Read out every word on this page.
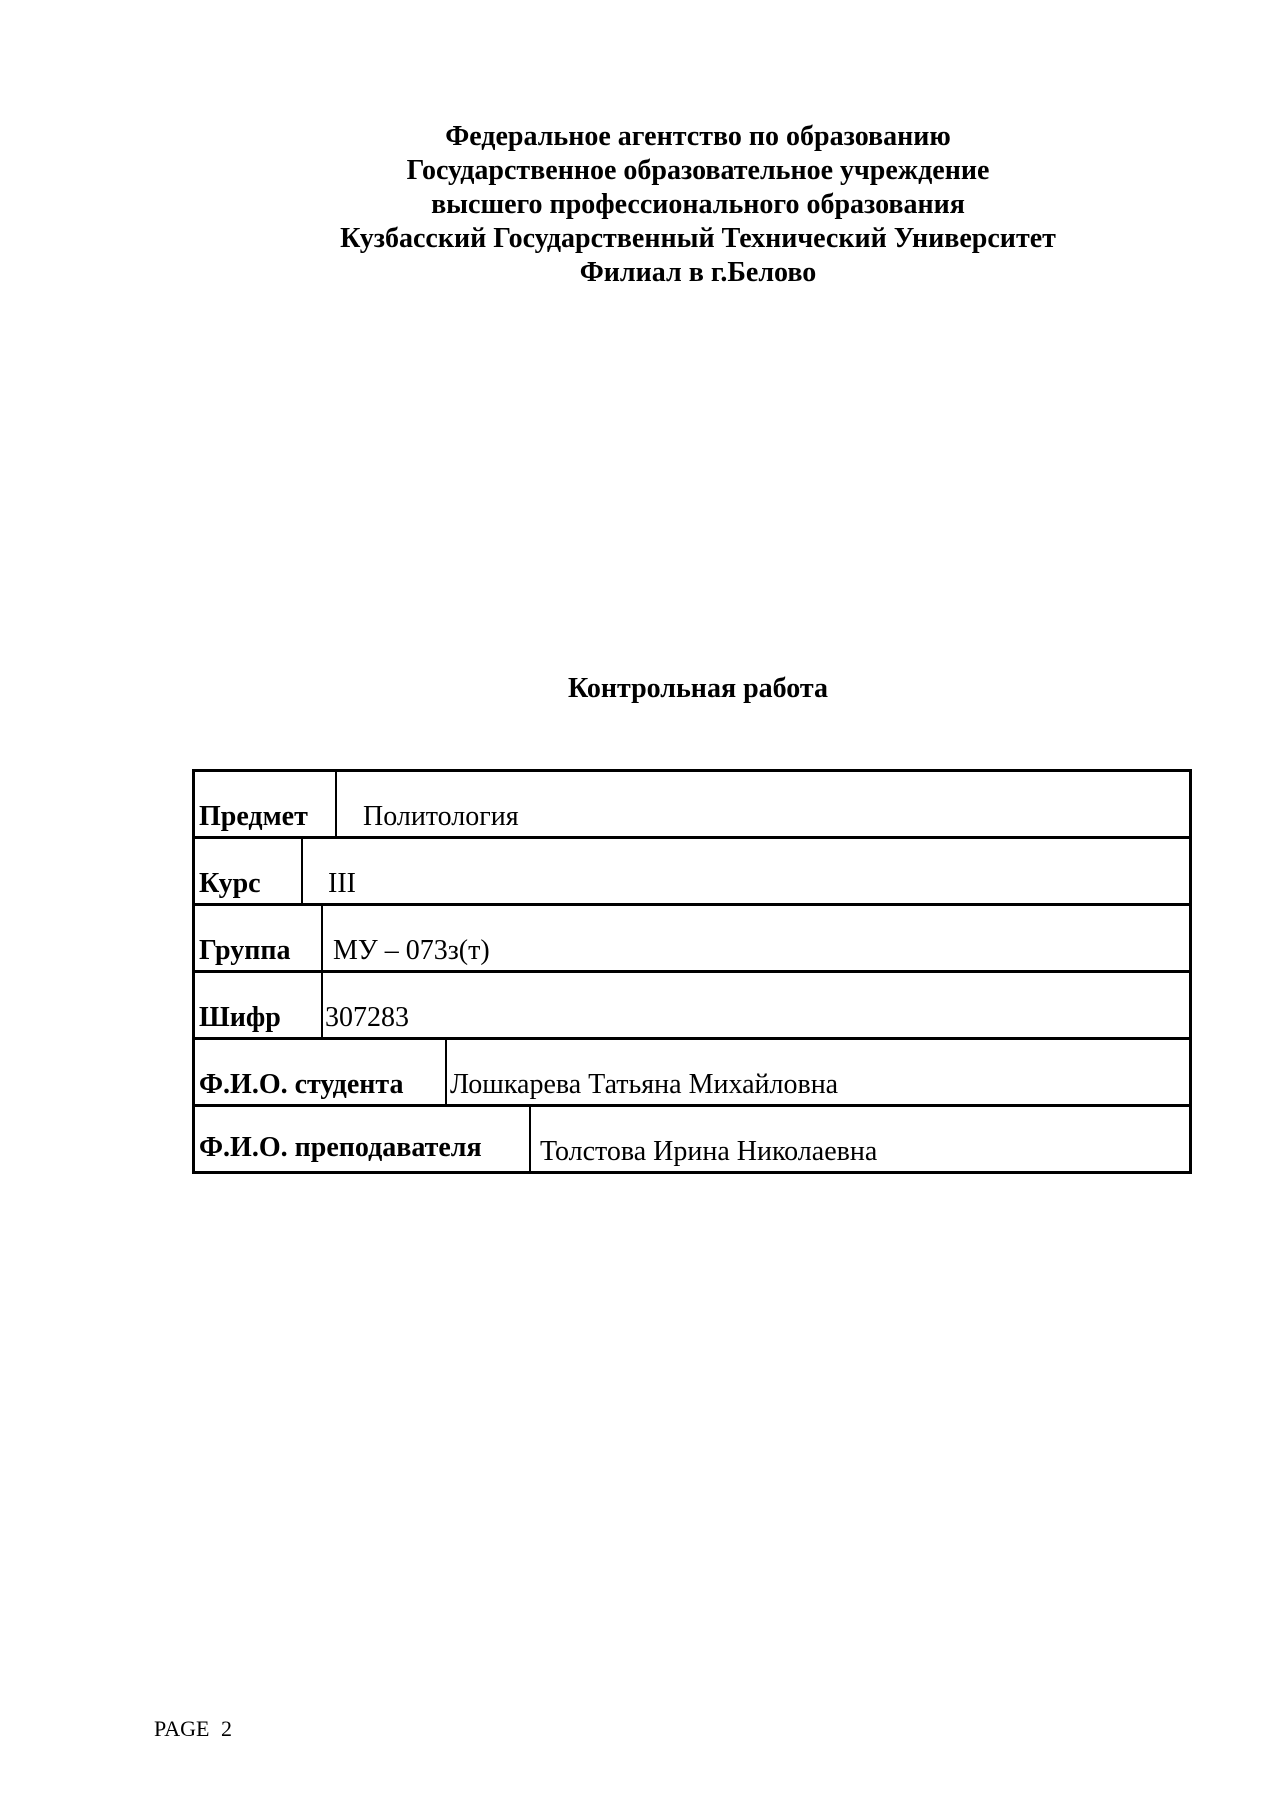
Федеральное агентство по образованию
Государственное образовательное учреждение
высшего профессионального образования
Кузбасский Государственный Технический Университет
Филиал в г.Белово
Контрольная работа
Предмет Политология
Курс III
Группа МУ – 073з(т)
Шифр 307283
Ф.И.О. студента Лошкарева Татьяна Михайловна
Ф.И.О. преподавателя Толстова Ирина Николаевна
PAGE 2
